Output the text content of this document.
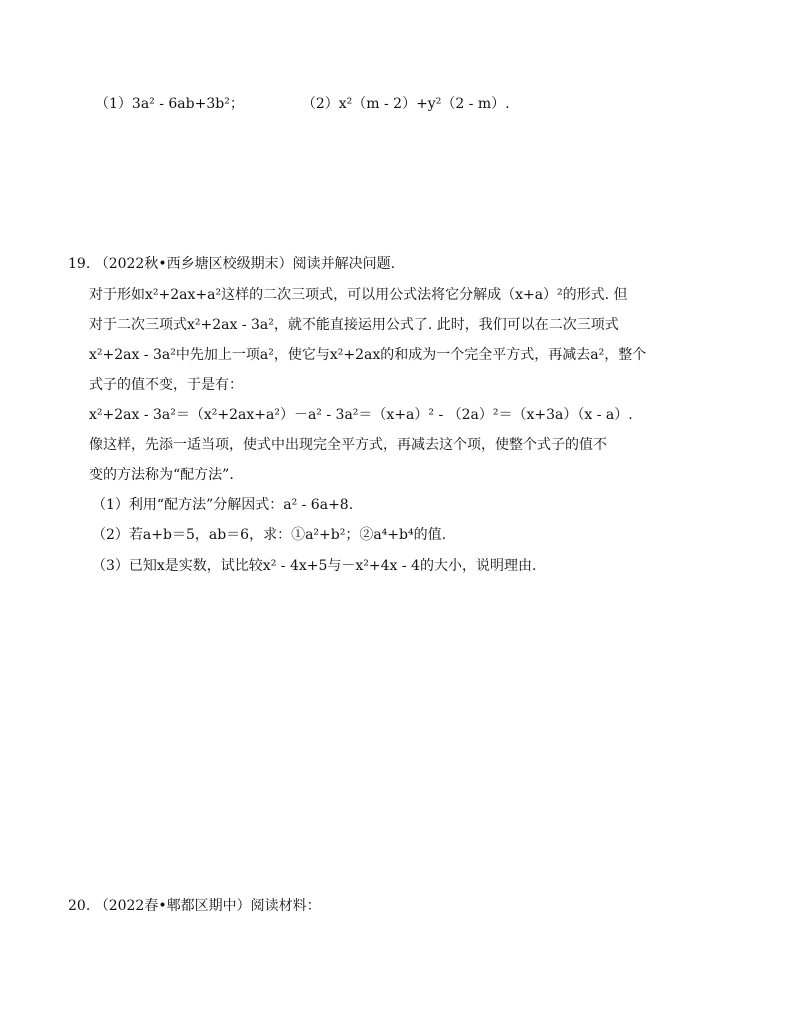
（1）3a² - 6ab+3b²；	（2）x²（m - 2）+y²（2 - m）.
19. （2022秋•西乡塘区校级期末）阅读并解决问题.
对于形如x²+2ax+a²这样的二次三项式，可以用公式法将它分解成（x+a）²的形式. 但
对于二次三项式x²+2ax - 3a²，就不能直接运用公式了. 此时，我们可以在二次三项式
x²+2ax - 3a²中先加上一项a²，使它与x²+2ax的和成为一个完全平方式，再减去a²，整个
式子的值不变，于是有：
x²+2ax - 3a²＝（x²+2ax+a²）－a² - 3a²＝（x+a）² - （2a）²＝（x+3a）（x - a）.
像这样，先添一适当项，使式中出现完全平方式，再减去这个项，使整个式子的值不
变的方法称为“配方法”.
（1）利用“配方法”分解因式：a² - 6a+8.
（2）若a+b＝5，ab＝6，求：①a²+b²；②a⁴+b⁴的值.
（3）已知x是实数，试比较x² - 4x+5与－x²+4x - 4的大小，说明理由.
20. （2022春•郫都区期中）阅读材料：
